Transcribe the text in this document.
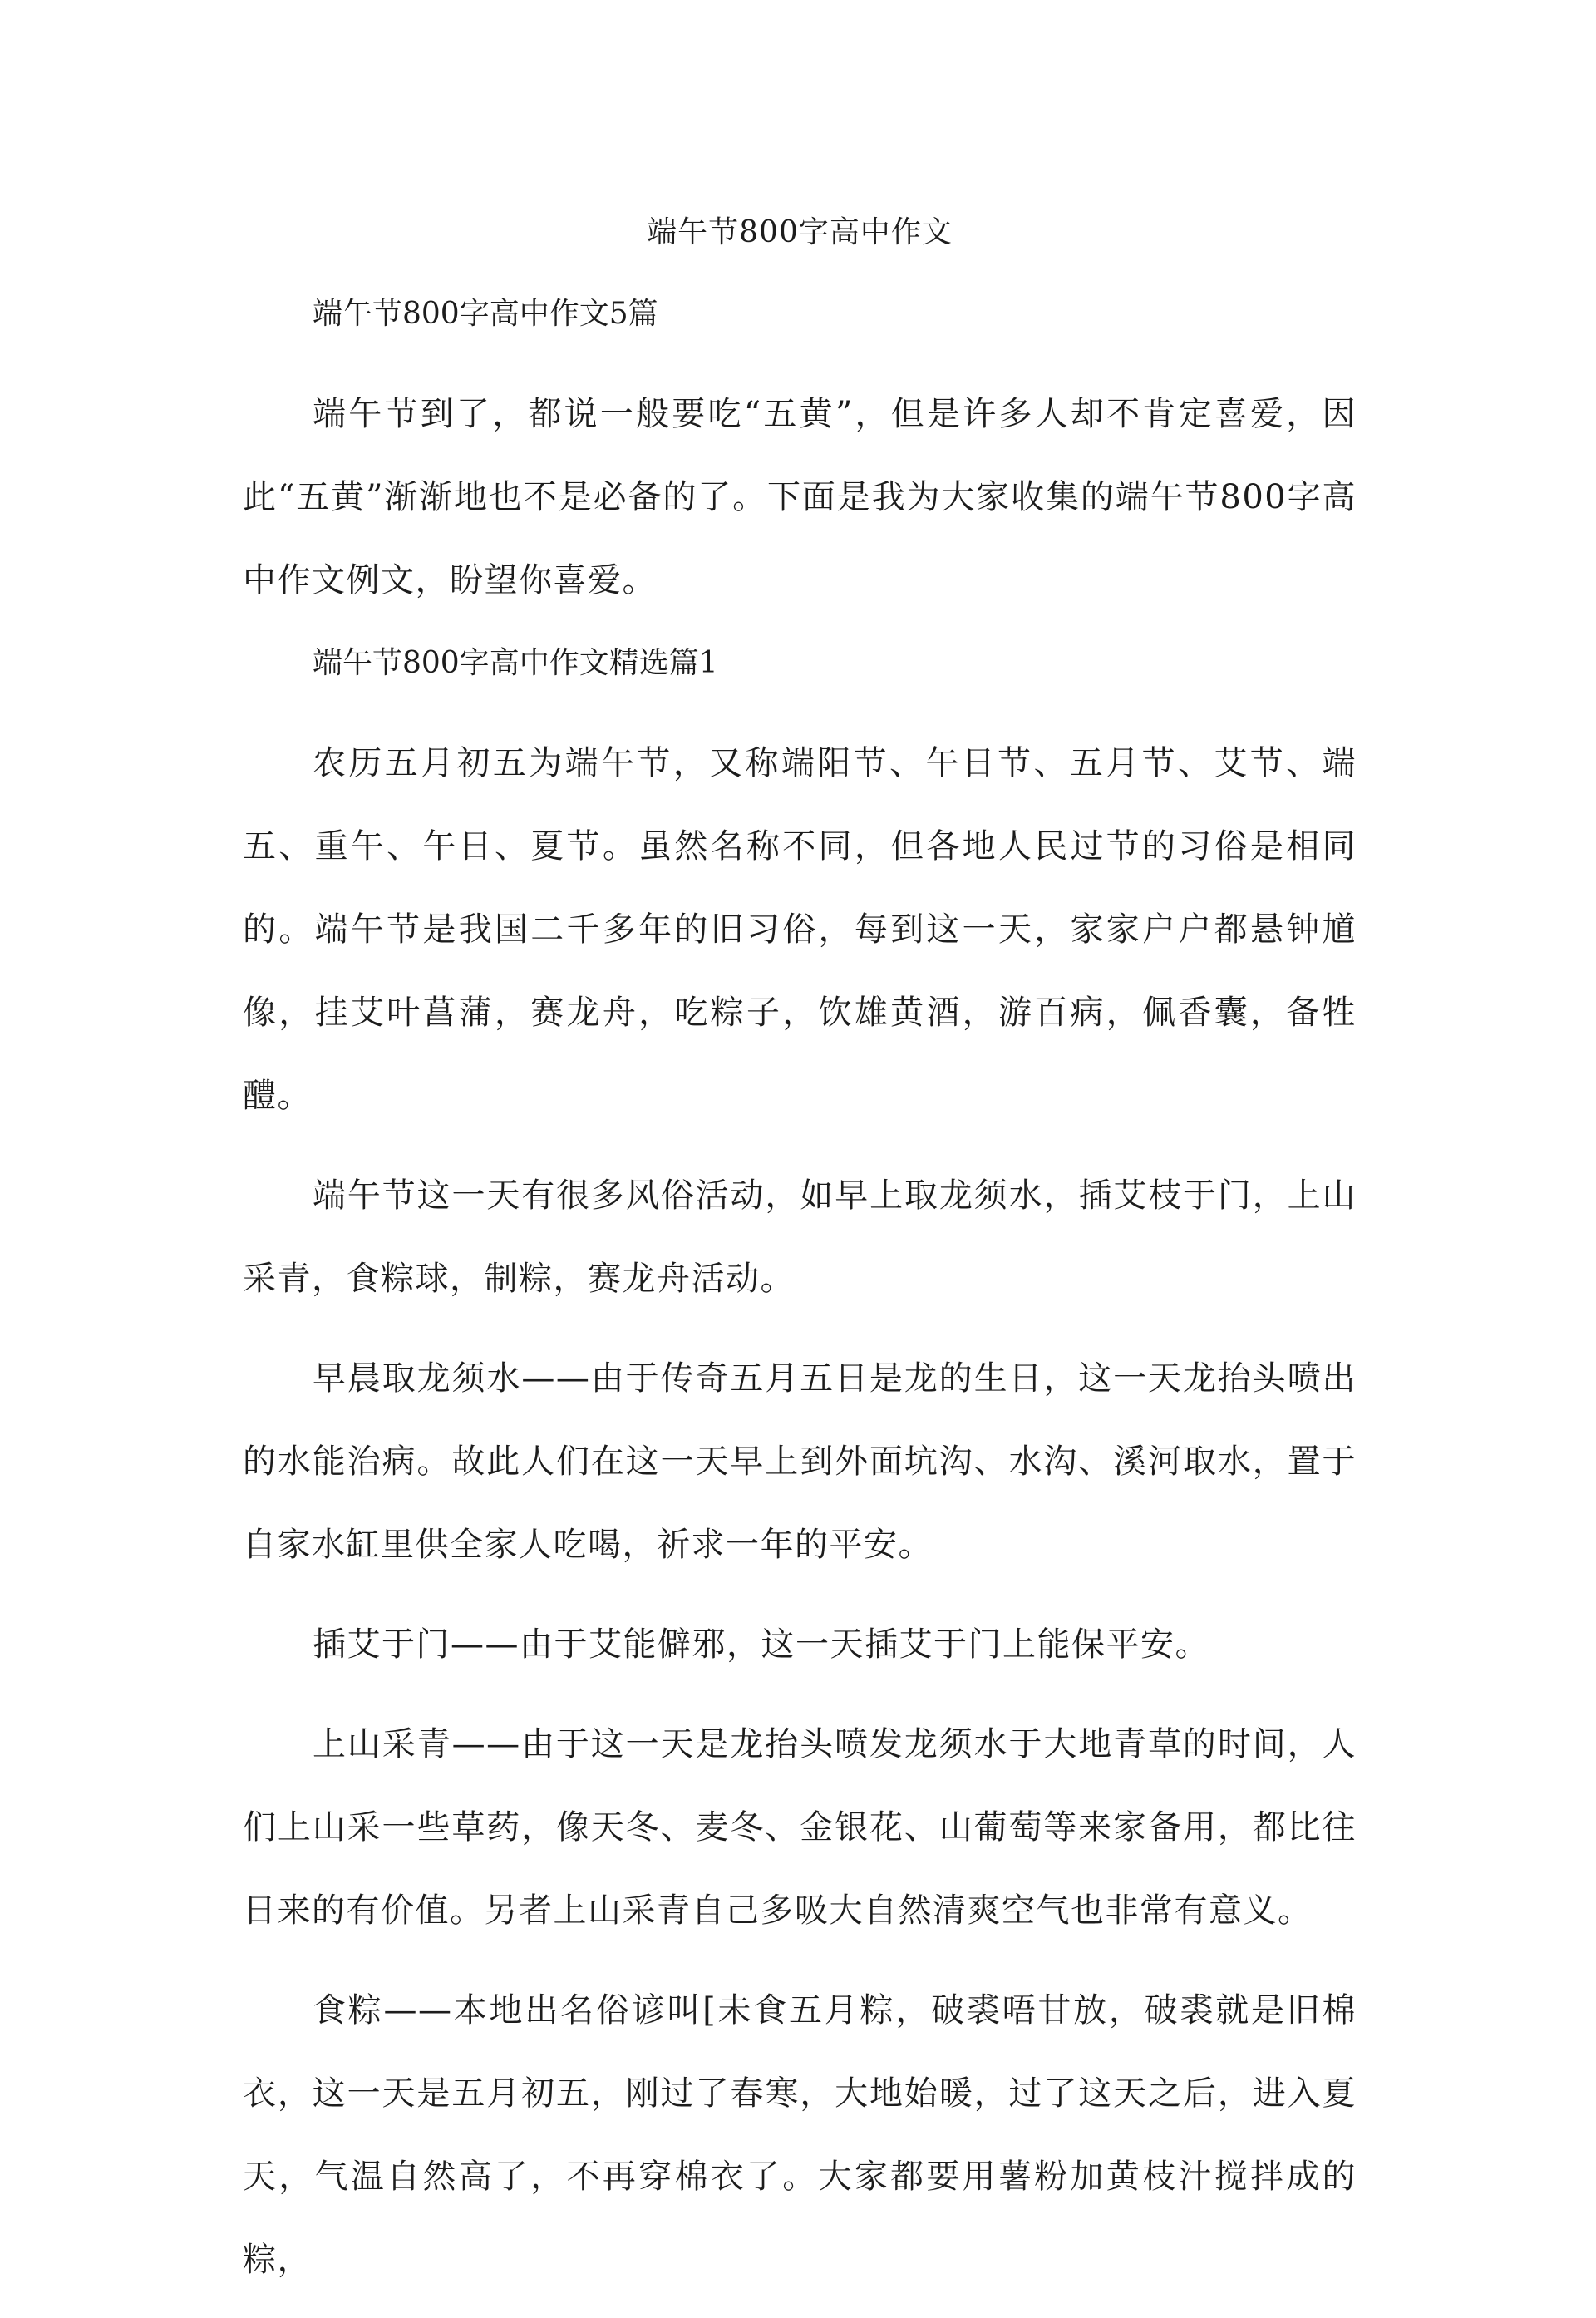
端午节800字高中作文
端午节800字高中作文5篇
端午节到了，都说一般要吃“五黄”，但是许多人却不肯定喜爱，因此“五黄”渐渐地也不是必备的了。下面是我为大家收集的端午节800字高中作文例文，盼望你喜爱。
端午节800字高中作文精选篇1
农历五月初五为端午节，又称端阳节、午日节、五月节、艾节、端五、重午、午日、夏节。虽然名称不同，但各地人民过节的习俗是相同的。端午节是我国二千多年的旧习俗，每到这一天，家家户户都悬钟馗像，挂艾叶菖蒲，赛龙舟，吃粽子，饮雄黄酒，游百病，佩香囊，备牲醴。
端午节这一天有很多风俗活动，如早上取龙须水，插艾枝于门，上山采青，食粽球，制粽，赛龙舟活动。
早晨取龙须水——由于传奇五月五日是龙的生日，这一天龙抬头喷出的水能治病。故此人们在这一天早上到外面坑沟、水沟、溪河取水，置于自家水缸里供全家人吃喝，祈求一年的平安。
插艾于门——由于艾能僻邪，这一天插艾于门上能保平安。
上山采青——由于这一天是龙抬头喷发龙须水于大地青草的时间，人们上山采一些草药，像天冬、麦冬、金银花、山葡萄等来家备用，都比往日来的有价值。另者上山采青自己多吸大自然清爽空气也非常有意义。
食粽——本地出名俗谚叫[未食五月粽，破裘唔甘放，破裘就是旧棉衣，这一天是五月初五，刚过了春寒，大地始暖，过了这天之后，进入夏天，气温自然高了，不再穿棉衣了。大家都要用薯粉加黄枝汁搅拌成的粽，
